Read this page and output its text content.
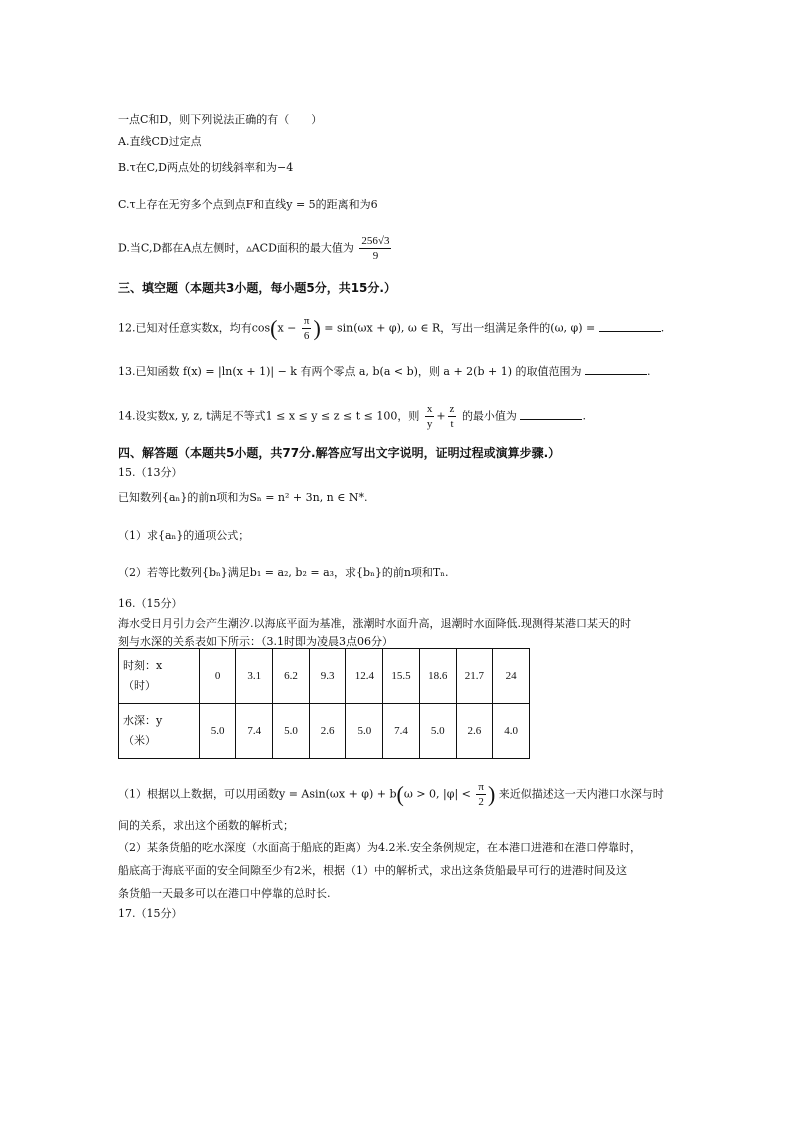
一点C和D，则下列说法正确的有（　　）
A.直线CD过定点
B.τ在C,D两点处的切线斜率和为−4
C.τ上存在无穷多个点到点F和直线y = 5的距离和为6
D.当C,D都在A点左侧时，▵ACD面积的最大值为 $\frac{256√3}{9}$
三、填空题（本题共3小题，每小题5分，共15分.）
12.已知对任意实数x，均有$\cos(x - \frac{\pi}{6}$ ) = sin(ωx + φ), ω ∈ R，写出一组满足条件的(ω, φ) =	.
13.已知函数 f(x) = |ln(x + 1)| − k 有两个零点 a, b(a < b)，则 a + 2(b + 1) 的取值范围为	.
14.设实数x, y, z, t满足不等式1 ≤ x ≤ y ≤ z ≤ t ≤ 100，则 $\frac{x}{y} + \frac{z}{t}$ 的最小值为	.
四、解答题（本题共5小题，共77分.解答应写出文字说明，证明过程或演算步骤.）
15.（13分）
已知数列{aₙ}的前n项和为Sₙ = n² + 3n, n ∈ N*.
（1）求{aₙ}的通项公式；
（2）若等比数列{bₙ}满足b₁ = a₂, b₂ = a₃，求{bₙ}的前n项和Tₙ.
16.（15分）
海水受日月引力会产生潮汐.以海底平面为基准，涨潮时水面升高，退潮时水面降低.现测得某港口某天的时
刻与水深的关系表如下所示：（3.1时即为凌晨3点06分）
时刻：x
（时）	0	3.1	6.2	9.3	12.4	15.5	18.6	21.7	24
水深：y
（米）	5.0	7.4	5.0	2.6	5.0	7.4	5.0	2.6	4.0
（1）根据以上数据，可以用函数y = Asin(ωx + φ) + b(ω > 0, $|\varphi| < \frac{\pi}{2}$ ) 来近似描述这一天内港口水深与时
间的关系，求出这个函数的解析式；
（2）某条货船的吃水深度（水面高于船底的距离）为4.2米.安全条例规定，在本港口进港和在港口停靠时，
船底高于海底平面的安全间隙至少有2米，根据（1）中的解析式，求出这条货船最早可行的进港时间及这
条货船一天最多可以在港口中停靠的总时长.
17.（15分）
